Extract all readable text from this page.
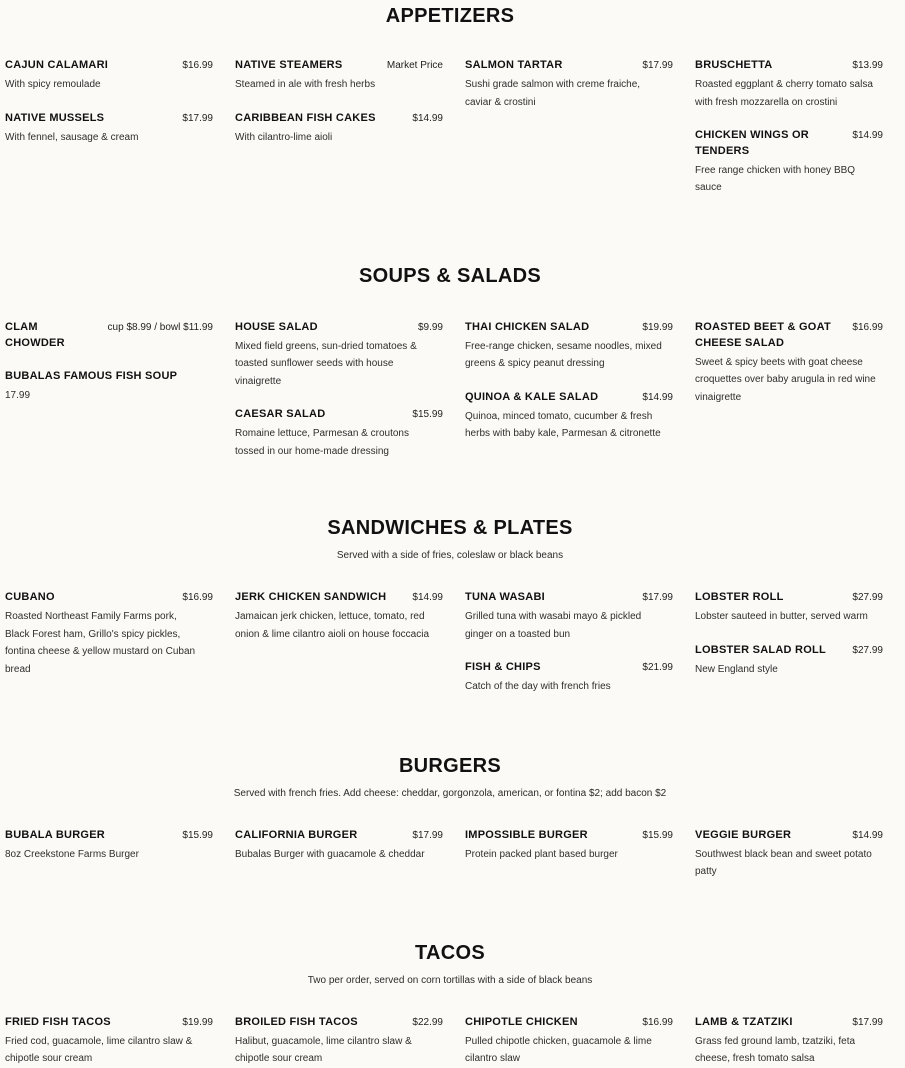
APPETIZERS

CAJUN CALAMARI	$16.99

With spicy remoulade

NATIVE MUSSELS	$17.99

With fennel, sausage & cream

NATIVE STEAMERS	Market Price

Steamed in ale with fresh herbs

CARIBBEAN FISH CAKES	$14.99

With cilantro-lime aioli

SALMON TARTAR	$17.99

Sushi grade salmon with creme fraiche, caviar & crostini

BRUSCHETTA	$13.99

Roasted eggplant & cherry tomato salsa with fresh mozzarella on crostini

CHICKEN WINGS OR TENDERS
$14.99

Free range chicken with honey BBQ sauce

SOUPS & SALADS

CLAM CHOWDER
cup $8.99 / bowl $11.99
BUBALAS FAMOUS FISH SOUP

17.99

HOUSE SALAD	$9.99

Mixed field greens, sun-dried tomatoes & toasted sunflower seeds with house vinaigrette

CAESAR SALAD	$15.99

Romaine lettuce, Parmesan & croutons tossed in our home-made dressing

THAI CHICKEN SALAD	$19.99

Free-range chicken, sesame noodles, mixed greens & spicy peanut dressing

QUINOA & KALE SALAD	$14.99

Quinoa, minced tomato, cucumber & fresh herbs with baby kale, Parmesan & citronette

ROASTED BEET & GOAT CHEESE SALAD
$16.99

Sweet & spicy beets with goat cheese croquettes over baby arugula in red wine vinaigrette

SANDWICHES & PLATES

Served with a side of fries, coleslaw or black beans

CUBANO	$16.99

Roasted Northeast Family Farms pork, Black Forest ham, Grillo's spicy pickles, fontina cheese & yellow mustard on Cuban bread

JERK CHICKEN SANDWICH	$14.99

Jamaican jerk chicken, lettuce, tomato, red onion & lime cilantro aioli on house foccacia

TUNA WASABI	$17.99

Grilled tuna with wasabi mayo & pickled ginger on a toasted bun

FISH & CHIPS	$21.99

Catch of the day with french fries

LOBSTER ROLL	$27.99

Lobster sauteed in butter, served warm

LOBSTER SALAD ROLL	$27.99

New England style

BURGERS

Served with french fries. Add cheese: cheddar, gorgonzola, american, or fontina $2; add bacon $2

BUBALA BURGER	$15.99

8oz Creekstone Farms Burger

CALIFORNIA BURGER	$17.99

Bubalas Burger with guacamole & cheddar

IMPOSSIBLE BURGER	$15.99

Protein packed plant based burger

VEGGIE BURGER	$14.99

Southwest black bean and sweet potato patty

TACOS

Two per order, served on corn tortillas with a side of black beans

FRIED FISH TACOS	$19.99

Fried cod, guacamole, lime cilantro slaw & chipotle sour cream

BROILED FISH TACOS	$22.99

Halibut, guacamole, lime cilantro slaw & chipotle sour cream

CHIPOTLE CHICKEN	$16.99

Pulled chipotle chicken, guacamole & lime cilantro slaw

LAMB & TZATZIKI	$17.99

Grass fed ground lamb, tzatziki, feta cheese, fresh tomato salsa
